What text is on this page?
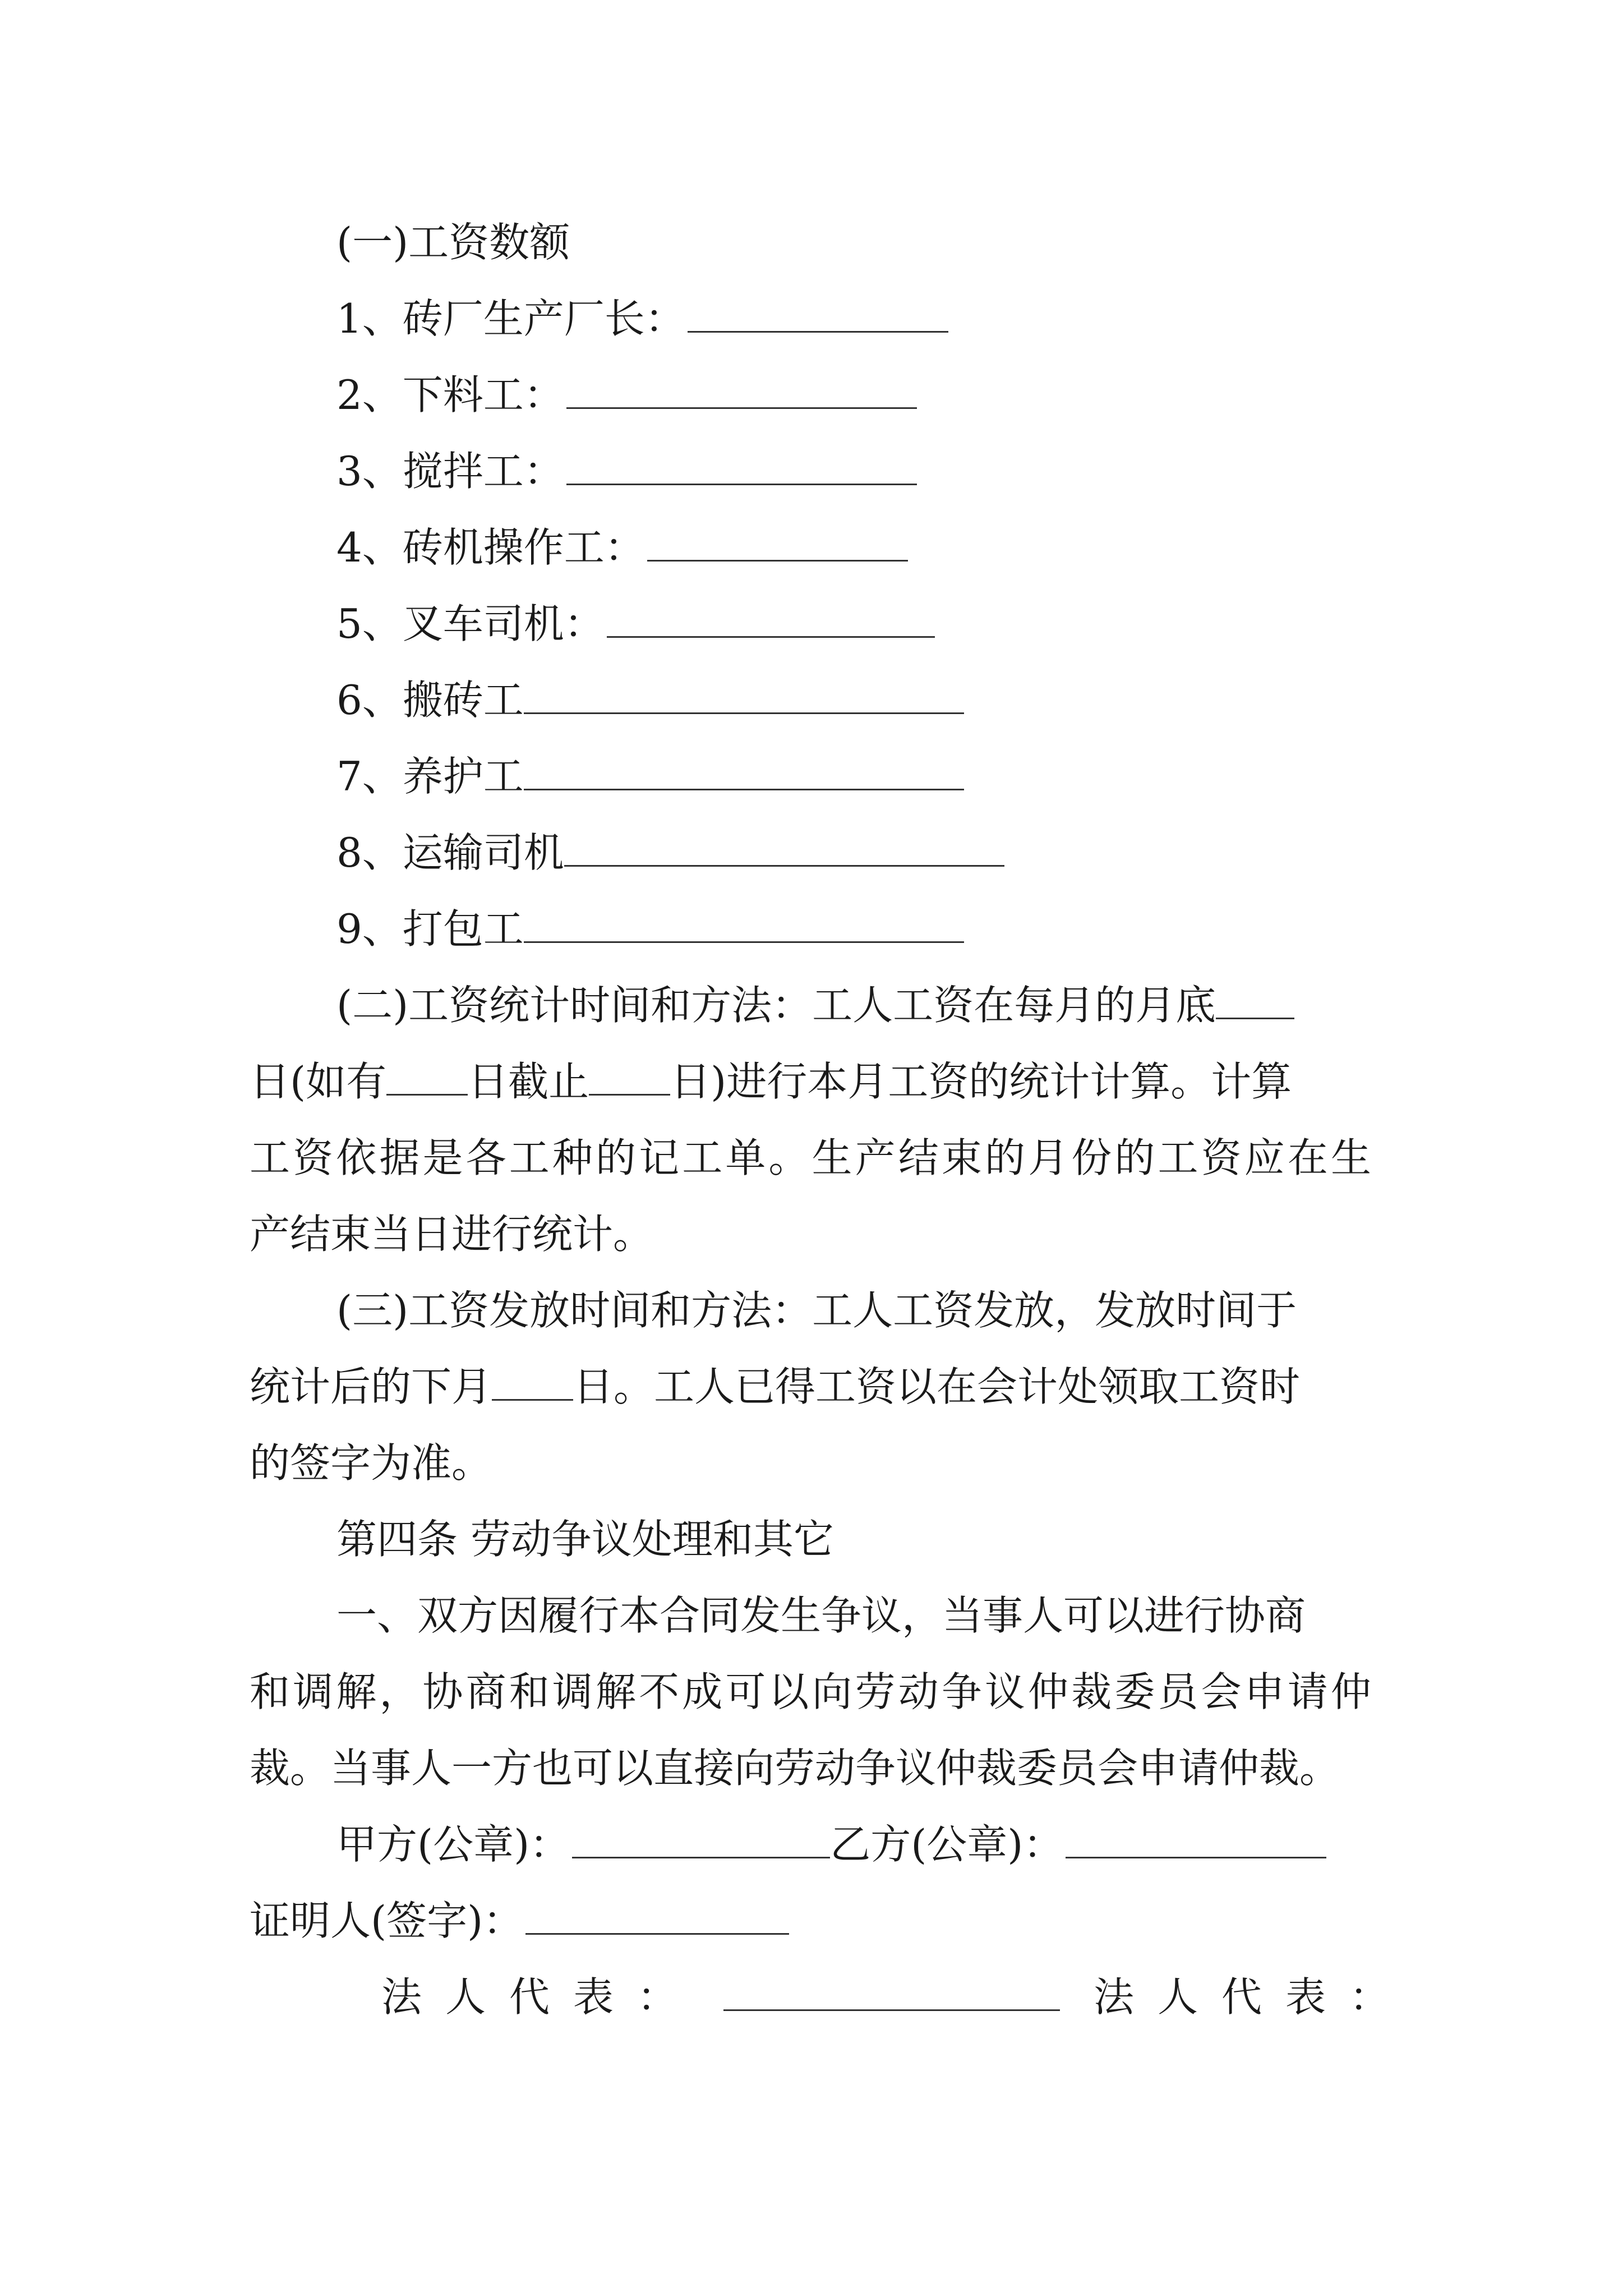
(一)工资数额
1、砖厂生产厂长：
2、下料工：
3、搅拌工：
4、砖机操作工：
5、叉车司机：
6、搬砖工
7、养护工
8、运输司机
9、打包工
(二)工资统计时间和方法：工人工资在每月的月底
日(如有 日截止 日)进行本月工资的统计计算。计算
工资依据是各工种的记工单。生产结束的月份的工资应在生
产结束当日进行统计。
(三)工资发放时间和方法：工人工资发放，发放时间于
统计后的下月 日。工人已得工资以在会计处领取工资时
的签字为准。
第四条 劳动争议处理和其它
一、双方因履行本合同发生争议，当事人可以进行协商
和调解，协商和调解不成可以向劳动争议仲裁委员会申请仲
裁。当事人一方也可以直接向劳动争议仲裁委员会申请仲裁。
甲方(公章)：	乙方(公章)：
证明人(签字)：
法人代表：	法人代表：
